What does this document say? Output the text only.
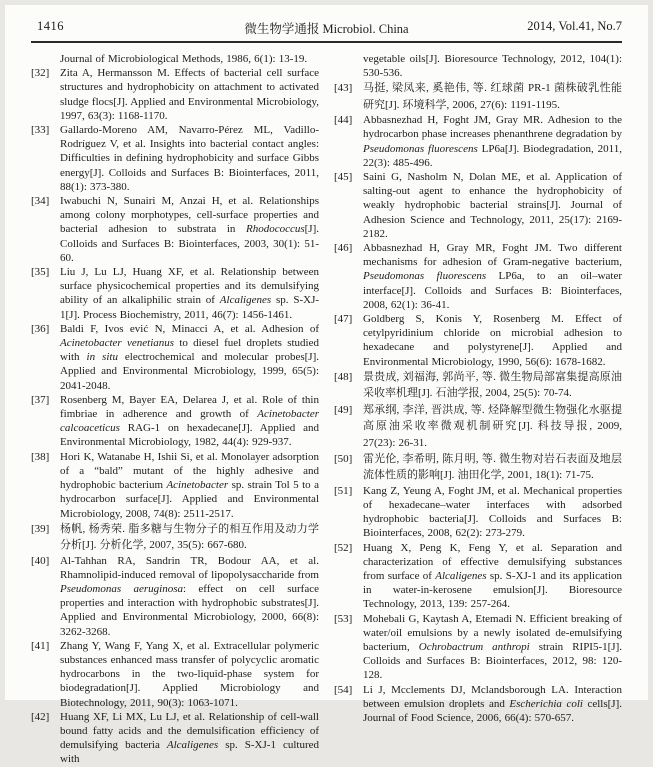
1416	微生物学通报 Microbiol. China	2014, Vol.41, No.7
Journal of Microbiological Methods, 1986, 6(1): 13-19.
[32] Zita A, Hermansson M. Effects of bacterial cell surface structures and hydrophobicity on attachment to activated sludge flocs[J]. Applied and Environmental Microbiology, 1997, 63(3): 1168-1170.
[33] Gallardo-Moreno AM, Navarro-Pérez ML, Vadillo-Rodríguez V, et al. Insights into bacterial contact angles: Difficulties in defining hydrophobicity and surface Gibbs energy[J]. Colloids and Surfaces B: Biointerfaces, 2011, 88(1): 373-380.
[34] Iwabuchi N, Sunairi M, Anzai H, et al. Relationships among colony morphotypes, cell-surface properties and bacterial adhesion to substrata in Rhodococcus[J]. Colloids and Surfaces B: Biointerfaces, 2003, 30(1): 51-60.
[35] Liu J, Lu LJ, Huang XF, et al. Relationship between surface physicochemical properties and its demulsifying ability of an alkaliphilic strain of Alcaligenes sp. S-XJ-1[J]. Process Biochemistry, 2011, 46(7): 1456-1461.
[36] Baldi F, Ivos ević N, Minacci A, et al. Adhesion of Acinetobacter venetianus to diesel fuel droplets studied with in situ electrochemical and molecular probes[J]. Applied and Environmental Microbiology, 1999, 65(5): 2041-2048.
[37] Rosenberg M, Bayer EA, Delarea J, et al. Role of thin fimbriae in adherence and growth of Acinetobacter calcoaceticus RAG-1 on hexadecane[J]. Applied and Environmental Microbiology, 1982, 44(4): 929-937.
[38] Hori K, Watanabe H, Ishii Si, et al. Monolayer adsorption of a “bald” mutant of the highly adhesive and hydrophobic bacterium Acinetobacter sp. strain Tol 5 to a hydrocarbon surface[J]. Applied and Environmental Microbiology, 2008, 74(8): 2511-2517.
[39] 杨帆, 杨秀荣. 脂多糖与生物分子的相互作用及动力学分析[J]. 分析化学, 2007, 35(5): 667-680.
[40] Al-Tahhan RA, Sandrin TR, Bodour AA, et al. Rhamnolipid-induced removal of lipopolysaccharide from Pseudomonas aeruginosa: effect on cell surface properties and interaction with hydrophobic substrates[J]. Applied and Environmental Microbiology, 2000, 66(8): 3262-3268.
[41] Zhang Y, Wang F, Yang X, et al. Extracellular polymeric substances enhanced mass transfer of polycyclic aromatic hydrocarbons in the two-liquid-phase system for biodegradation[J]. Applied Microbiology and Biotechnology, 2011, 90(3): 1063-1071.
[42] Huang XF, Li MX, Lu LJ, et al. Relationship of cell-wall bound fatty acids and the demulsification efficiency of demulsifying bacteria Alcaligenes sp. S-XJ-1 cultured with
vegetable oils[J]. Bioresource Technology, 2012, 104(1): 530-536.
[43] 马挺, 梁凤来, 奚艳伟, 等. 红球菌 PR-1 菌株破乳性能研究[J]. 环境科学, 2006, 27(6): 1191-1195.
[44] Abbasnezhad H, Foght JM, Gray MR. Adhesion to the hydrocarbon phase increases phenanthrene degradation by Pseudomonas fluorescens LP6a[J]. Biodegradation, 2011, 22(3): 485-496.
[45] Saini G, Nasholm N, Dolan ME, et al. Application of salting-out agent to enhance the hydrophobicity of weakly hydrophobic bacterial strains[J]. Journal of Adhesion Science and Technology, 2011, 25(17): 2169-2182.
[46] Abbasnezhad H, Gray MR, Foght JM. Two different mechanisms for adhesion of Gram-negative bacterium, Pseudomonas fluorescens LP6a, to an oil–water interface[J]. Colloids and Surfaces B: Biointerfaces, 2008, 62(1): 36-41.
[47] Goldberg S, Konis Y, Rosenberg M. Effect of cetylpyridinium chloride on microbial adhesion to hexadecane and polystyrene[J]. Applied and Environmental Microbiology, 1990, 56(6): 1678-1682.
[48] 景贵成, 刘福海, 郭尚平, 等. 微生物局部富集提高原油采收率机理[J]. 石油学报, 2004, 25(5): 70-74.
[49] 郑承纲, 李洋, 晋洪成, 等. 烃降解型微生物强化水驱提高原油采收率微观机制研究[J]. 科技导报, 2009, 27(23): 26-31.
[50] 雷光伦, 李希明, 陈月明, 等. 微生物对岩石表面及地层流体性质的影响[J]. 油田化学, 2001, 18(1): 71-75.
[51] Kang Z, Yeung A, Foght JM, et al. Mechanical properties of hexadecane–water interfaces with adsorbed hydrophobic bacteria[J]. Colloids and Surfaces B: Biointerfaces, 2008, 62(2): 273-279.
[52] Huang X, Peng K, Feng Y, et al. Separation and characterization of effective demulsifying substances from surface of Alcaligenes sp. S-XJ-1 and its application in water-in-kerosene emulsion[J]. Bioresource Technology, 2013, 139: 257-264.
[53] Mohebali G, Kaytash A, Etemadi N. Efficient breaking of water/oil emulsions by a newly isolated de-emulsifying bacterium, Ochrobactrum anthropi strain RIPI5-1[J]. Colloids and Surfaces B: Biointerfaces, 2012, 98: 120-128.
[54] Li J, Mcclements DJ, Mclandsborough LA. Interaction between emulsion droplets and Escherichia coli cells[J]. Journal of Food Science, 2006, 66(4): 570-657.
